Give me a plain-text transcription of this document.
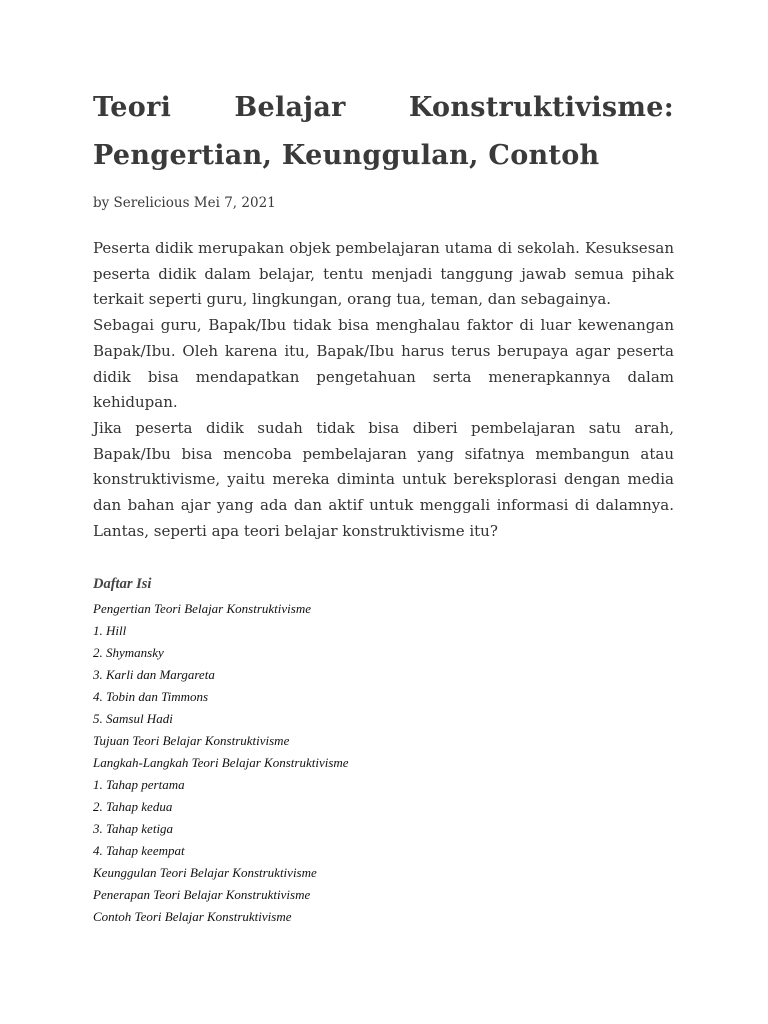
Teori Belajar Konstruktivisme:
Pengertian, Keunggulan, Contoh
by Serelicious Mei 7, 2021

Peserta didik merupakan objek pembelajaran utama di sekolah. Kesuksesan peserta didik dalam belajar, tentu menjadi tanggung jawab semua pihak terkait seperti guru, lingkungan, orang tua, teman, dan sebagainya.

Sebagai guru, Bapak/Ibu tidak bisa menghalau faktor di luar kewenangan Bapak/Ibu. Oleh karena itu, Bapak/Ibu harus terus berupaya agar peserta didik bisa mendapatkan pengetahuan serta menerapkannya dalam kehidupan.

Jika peserta didik sudah tidak bisa diberi pembelajaran satu arah, Bapak/Ibu bisa mencoba pembelajaran yang sifatnya membangun atau konstruktivisme, yaitu mereka diminta untuk bereksplorasi dengan media dan bahan ajar yang ada dan aktif untuk menggali informasi di dalamnya. Lantas, seperti apa teori belajar konstruktivisme itu?

Daftar Isi
Pengertian Teori Belajar Konstruktivisme
1. Hill
2. Shymansky
3. Karli dan Margareta
4. Tobin dan Timmons
5. Samsul Hadi
Tujuan Teori Belajar Konstruktivisme
Langkah-Langkah Teori Belajar Konstruktivisme
1. Tahap pertama
2. Tahap kedua
3. Tahap ketiga
4. Tahap keempat
Keunggulan Teori Belajar Konstruktivisme
Penerapan Teori Belajar Konstruktivisme
Contoh Teori Belajar Konstruktivisme
